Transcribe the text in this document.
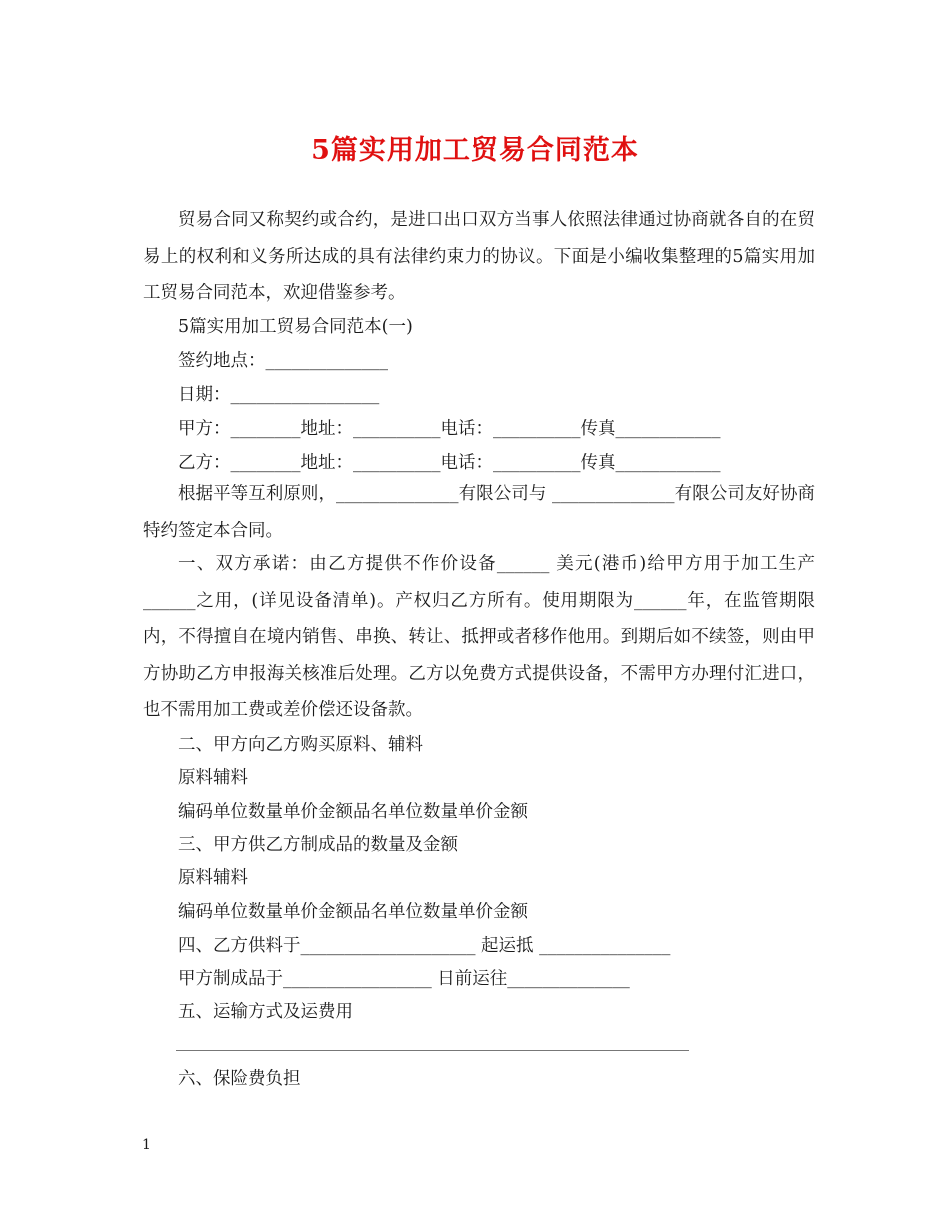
5篇实用加工贸易合同范本

贸易合同又称契约或合约，是进口出口双方当事人依照法律通过协商就各自的在贸易上的权利和义务所达成的具有法律约束力的协议。下面是小编收集整理的5篇实用加工贸易合同范本，欢迎借鉴参考。

5篇实用加工贸易合同范本(一)
签约地点：______________
日期：_________________
甲方：________地址：__________电话：__________传真____________
乙方：________地址：__________电话：__________传真____________

根据平等互利原则，______________有限公司与 ______________有限公司友好协商特约签定本合同。

一、双方承诺：由乙方提供不作价设备______ 美元(港币)给甲方用于加工生产______之用，(详见设备清单)。产权归乙方所有。使用期限为______年，在监管期限内，不得擅自在境内销售、串换、转让、抵押或者移作他用。到期后如不续签，则由甲方协助乙方申报海关核准后处理。乙方以免费方式提供设备，不需甲方办理付汇进口，也不需用加工费或差价偿还设备款。

二、甲方向乙方购买原料、辅料
原料辅料
编码单位数量单价金额品名单位数量单价金额
三、甲方供乙方制成品的数量及金额
原料辅料
编码单位数量单价金额品名单位数量单价金额
四、乙方供料于____________________ 起运抵 _______________
甲方制成品于_________________ 日前运往______________
五、运输方式及运费用
六、保险费负担
1
